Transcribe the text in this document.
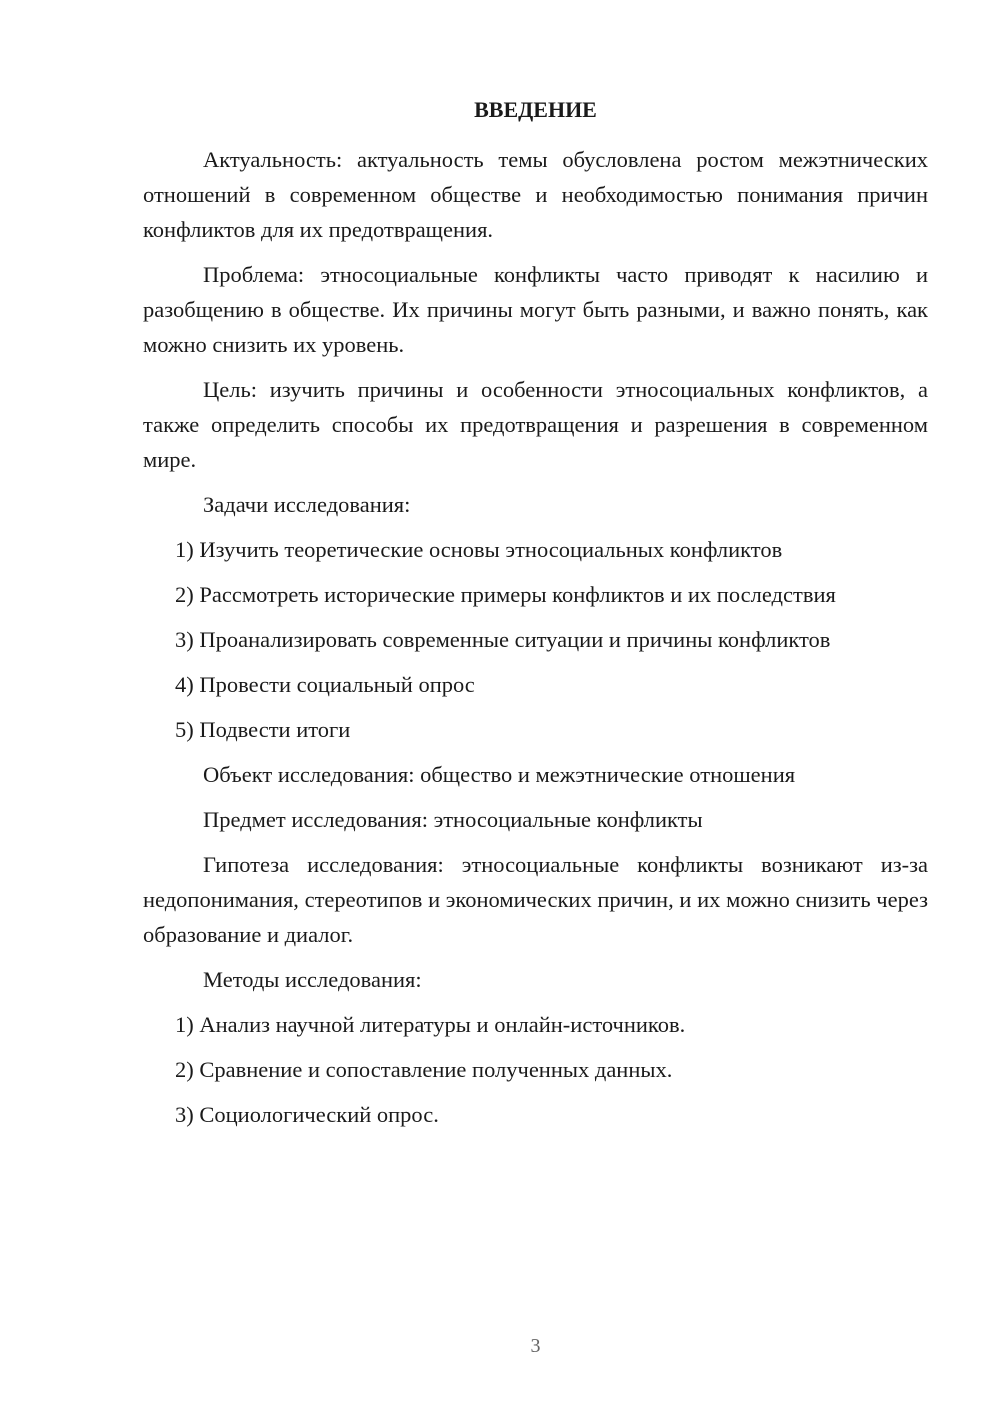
ВВЕДЕНИЕ

Актуальность: актуальность темы обусловлена ростом межэтнических отношений в современном обществе и необходимостью понимания причин конфликтов для их предотвращения.

Проблема: этносоциальные конфликты часто приводят к насилию и разобщению в обществе. Их причины могут быть разными, и важно понять, как можно снизить их уровень.

Цель: изучить причины и особенности этносоциальных конфликтов, а также определить способы их предотвращения и разрешения в современном мире.

Задачи исследования:

1) Изучить теоретические основы этносоциальных конфликтов

2) Рассмотреть исторические примеры конфликтов и их последствия

3) Проанализировать современные ситуации и причины конфликтов

4) Провести социальный опрос

5) Подвести итоги

Объект исследования: общество и межэтнические отношения

Предмет исследования: этносоциальные конфликты

Гипотеза исследования: этносоциальные конфликты возникают из-за недопонимания, стереотипов и экономических причин, и их можно снизить через образование и диалог.

Методы исследования:

1) Анализ научной литературы и онлайн-источников.

2) Сравнение и сопоставление полученных данных.

3) Социологический опрос.

3
